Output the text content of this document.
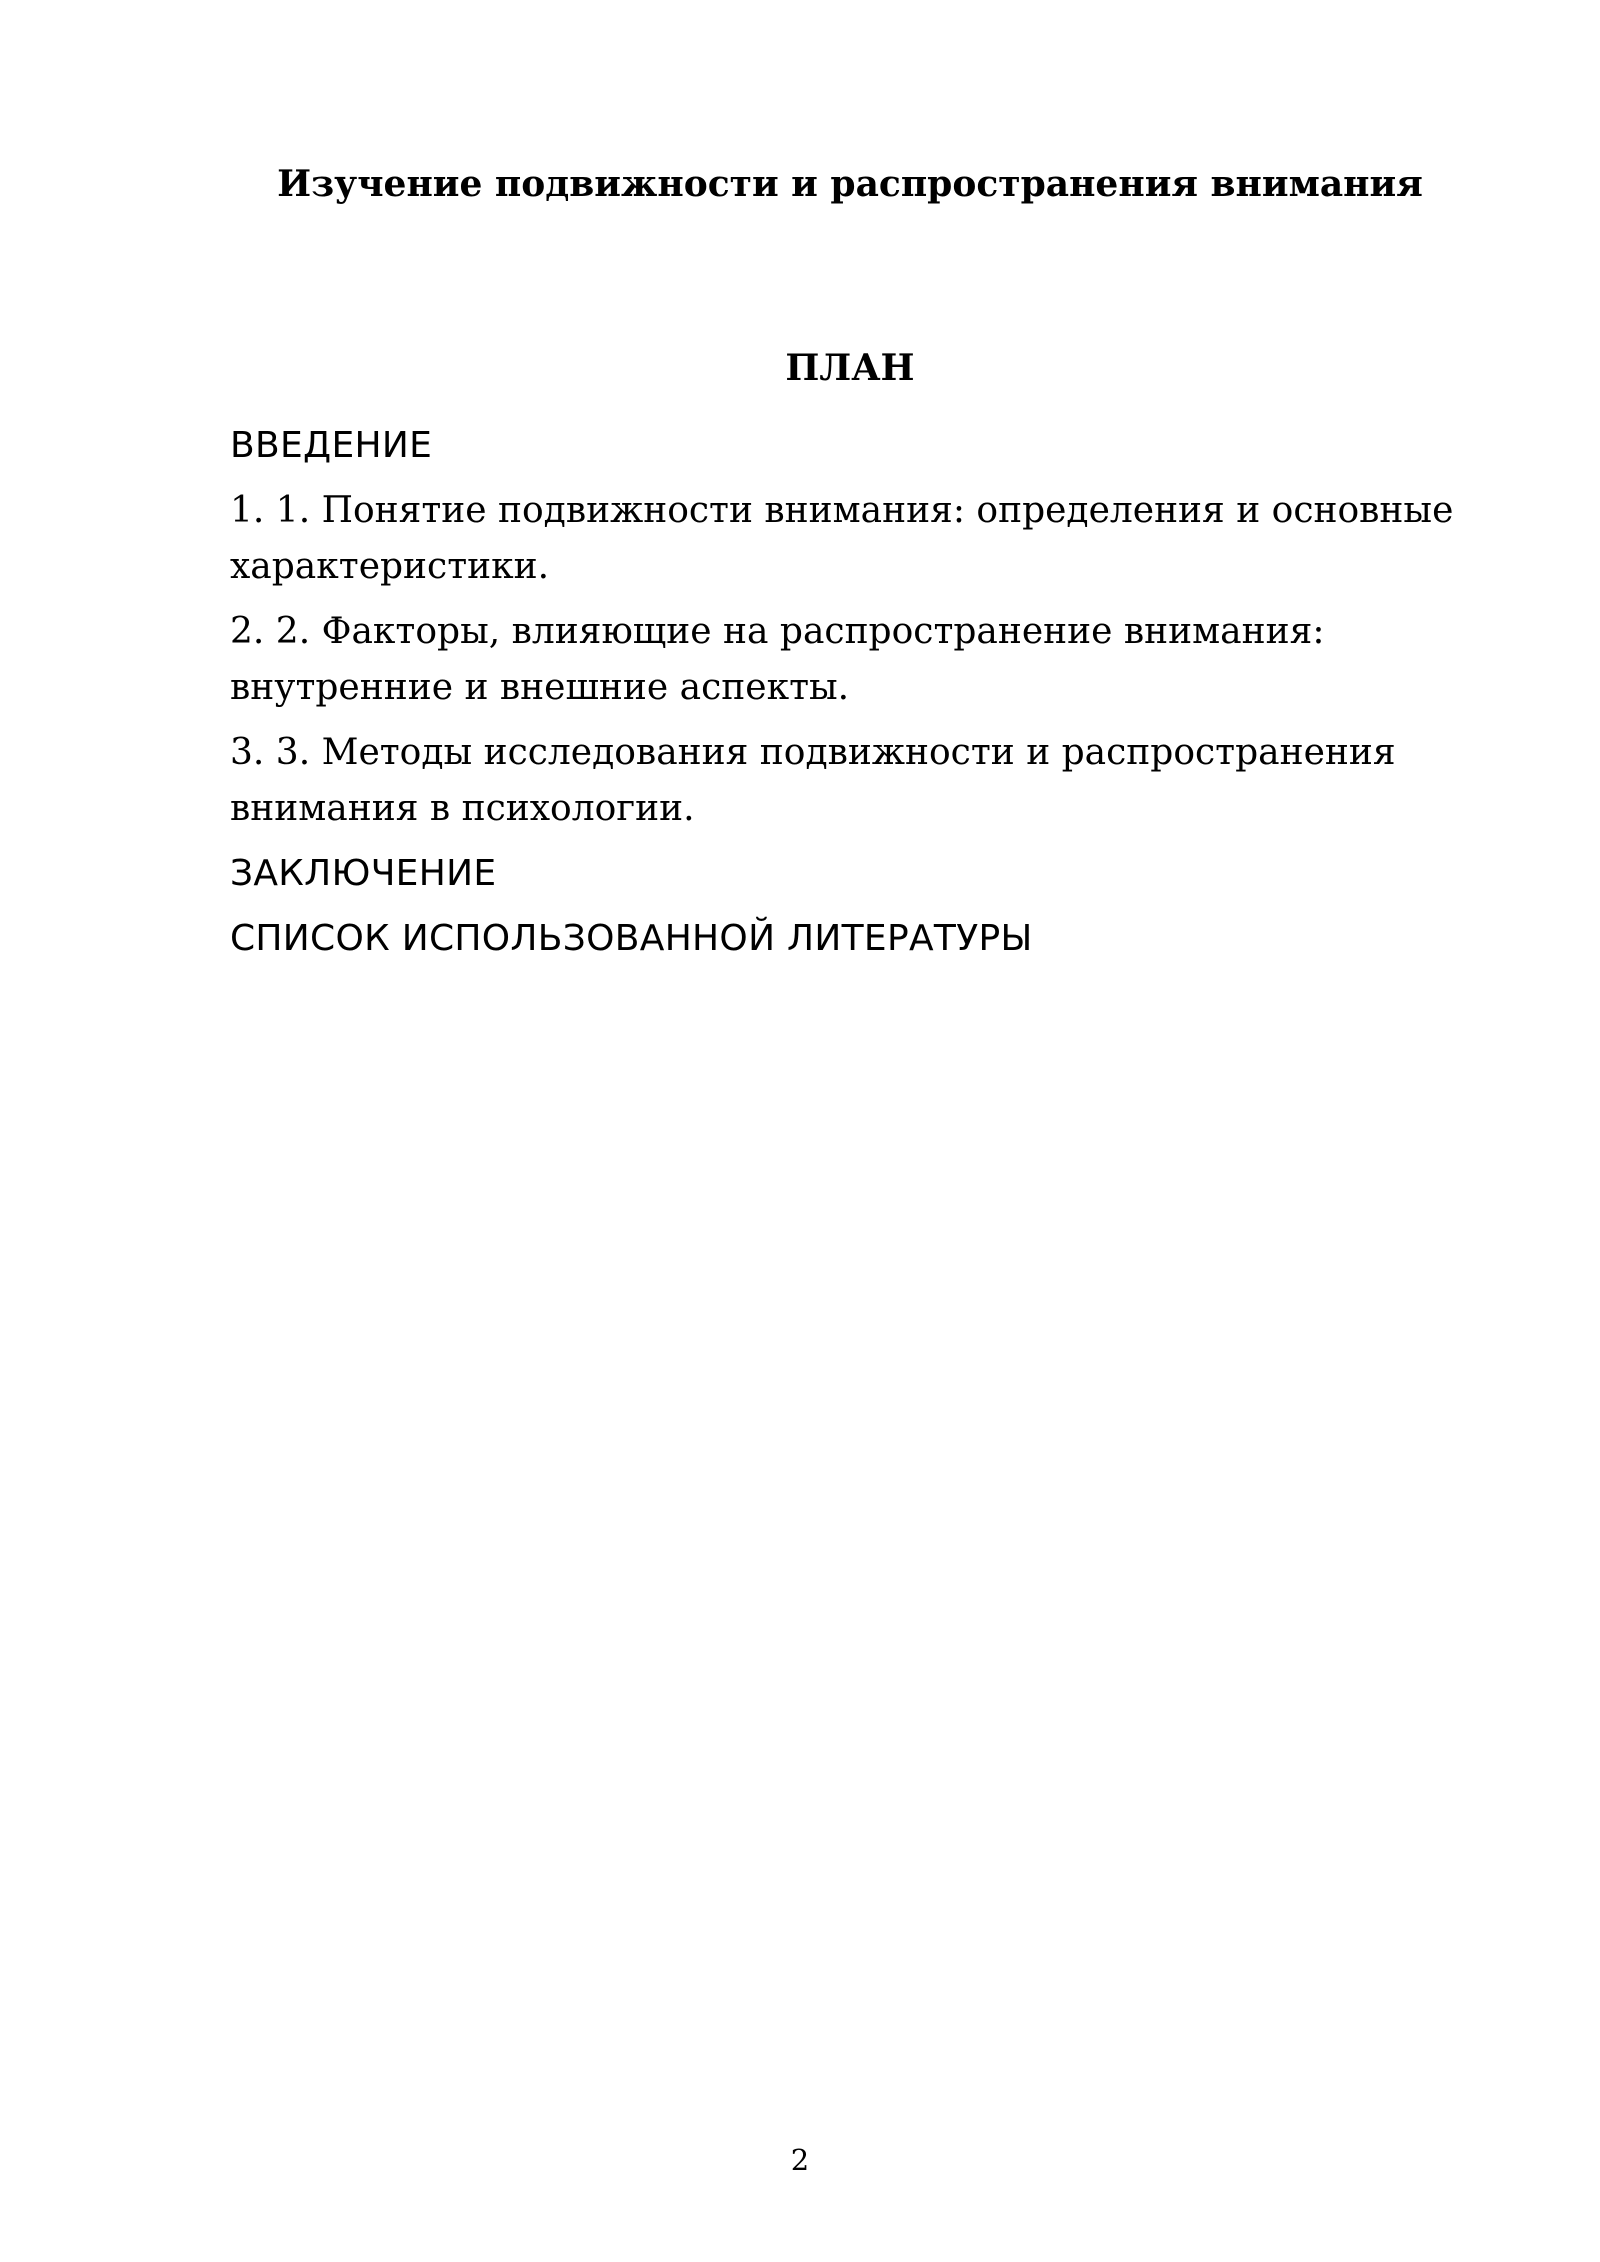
Изучение подвижности и распространения внимания
ПЛАН
ВВЕДЕНИЕ
1. 1. Понятие подвижности внимания: определения и основные характеристики.
2. 2. Факторы, влияющие на распространение внимания: внутренние и внешние аспекты.
3. 3. Методы исследования подвижности и распространения внимания в психологии.
ЗАКЛЮЧЕНИЕ
СПИСОК ИСПОЛЬЗОВАННОЙ ЛИТЕРАТУРЫ

2
